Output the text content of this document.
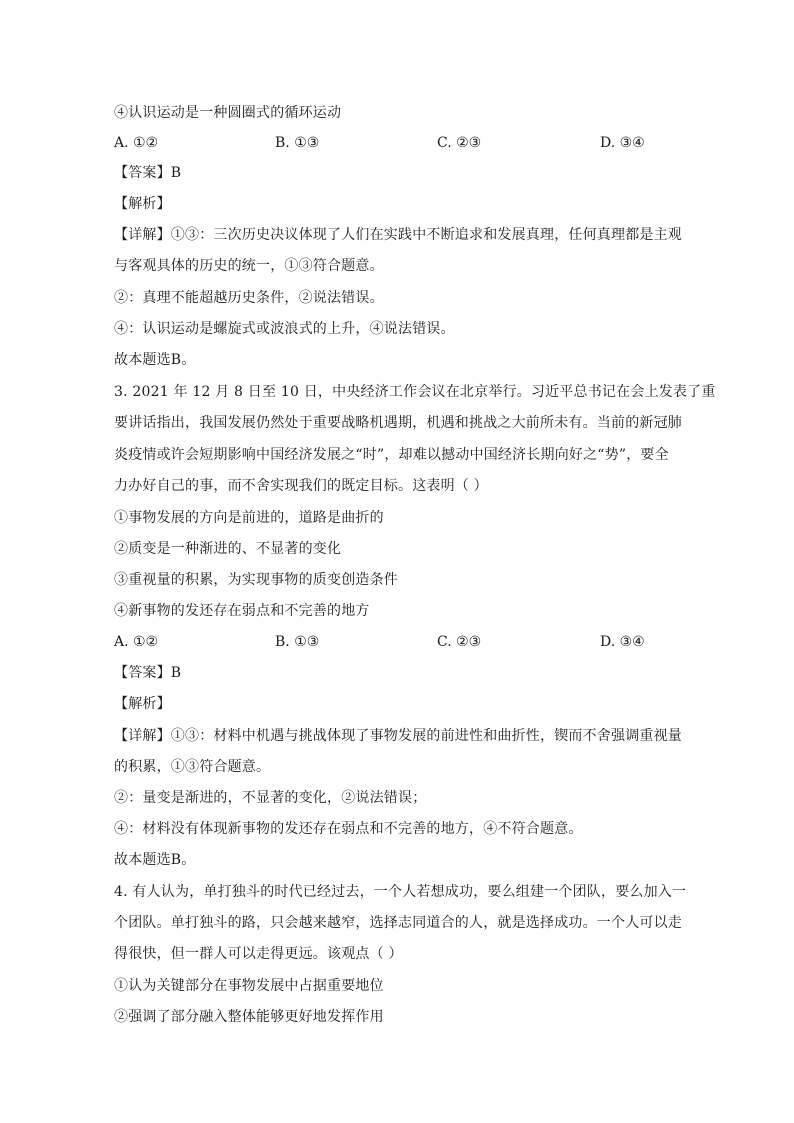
④认识运动是一种圆圈式的循环运动
A. ①②	B. ①③	C. ②③	D. ③④
【答案】B
【解析】
【详解】①③：三次历史决议体现了人们在实践中不断追求和发展真理，任何真理都是主观
与客观具体的历史的统一，①③符合题意。
②：真理不能超越历史条件，②说法错误。
④：认识运动是螺旋式或波浪式的上升，④说法错误。
故本题选B。
3. 2021 年 12 月 8 日至 10 日，中央经济工作会议在北京举行。习近平总书记在会上发表了重
要讲话指出，我国发展仍然处于重要战略机遇期，机遇和挑战之大前所未有。当前的新冠肺
炎疫情或许会短期影响中国经济发展之“时”，却难以撼动中国经济长期向好之“势”，要全
力办好自己的事，而不舍实现我们的既定目标。这表明（ ）
①事物发展的方向是前进的，道路是曲折的
②质变是一种渐进的、不显著的变化
③重视量的积累，为实现事物的质变创造条件
④新事物的发还存在弱点和不完善的地方
A. ①②	B. ①③	C. ②③	D. ③④
【答案】B
【解析】
【详解】①③：材料中机遇与挑战体现了事物发展的前进性和曲折性，锲而不舍强调重视量
的积累，①③符合题意。
②：量变是渐进的，不显著的变化，②说法错误；
④：材料没有体现新事物的发还存在弱点和不完善的地方，④不符合题意。
故本题选B。
4. 有人认为，单打独斗的时代已经过去，一个人若想成功，要么组建一个团队，要么加入一
个团队。单打独斗的路，只会越来越窄，选择志同道合的人，就是选择成功。一个人可以走
得很快，但一群人可以走得更远。该观点（ ）
①认为关键部分在事物发展中占据重要地位
②强调了部分融入整体能够更好地发挥作用
